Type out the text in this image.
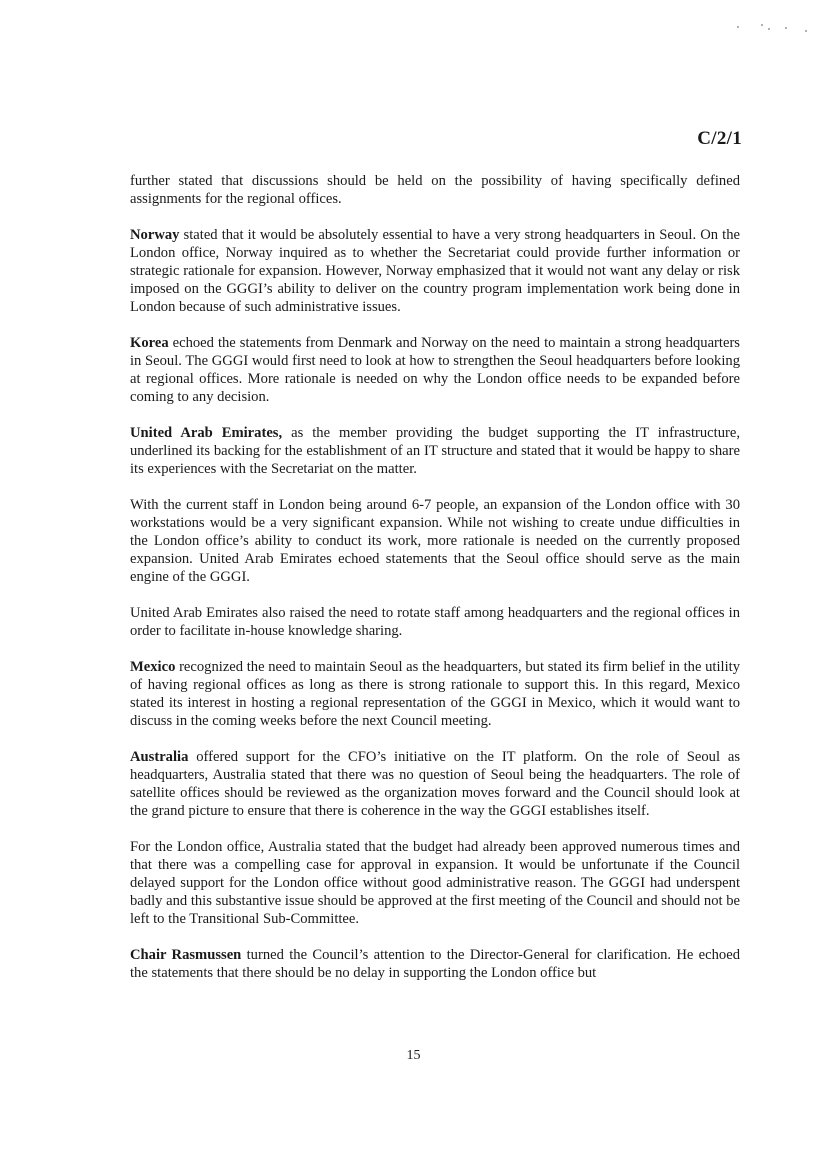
C/2/1

further stated that discussions should be held on the possibility of having specifically defined assignments for the regional offices.

Norway stated that it would be absolutely essential to have a very strong headquarters in Seoul. On the London office, Norway inquired as to whether the Secretariat could provide further information or strategic rationale for expansion. However, Norway emphasized that it would not want any delay or risk imposed on the GGGI’s ability to deliver on the country program implementation work being done in London because of such administrative issues.

Korea echoed the statements from Denmark and Norway on the need to maintain a strong headquarters in Seoul. The GGGI would first need to look at how to strengthen the Seoul headquarters before looking at regional offices. More rationale is needed on why the London office needs to be expanded before coming to any decision.

United Arab Emirates, as the member providing the budget supporting the IT infrastructure, underlined its backing for the establishment of an IT structure and stated that it would be happy to share its experiences with the Secretariat on the matter.

With the current staff in London being around 6-7 people, an expansion of the London office with 30 workstations would be a very significant expansion. While not wishing to create undue difficulties in the London office’s ability to conduct its work, more rationale is needed on the currently proposed expansion. United Arab Emirates echoed statements that the Seoul office should serve as the main engine of the GGGI.

United Arab Emirates also raised the need to rotate staff among headquarters and the regional offices in order to facilitate in-house knowledge sharing.

Mexico recognized the need to maintain Seoul as the headquarters, but stated its firm belief in the utility of having regional offices as long as there is strong rationale to support this. In this regard, Mexico stated its interest in hosting a regional representation of the GGGI in Mexico, which it would want to discuss in the coming weeks before the next Council meeting.

Australia offered support for the CFO’s initiative on the IT platform. On the role of Seoul as headquarters, Australia stated that there was no question of Seoul being the headquarters. The role of satellite offices should be reviewed as the organization moves forward and the Council should look at the grand picture to ensure that there is coherence in the way the GGGI establishes itself.

For the London office, Australia stated that the budget had already been approved numerous times and that there was a compelling case for approval in expansion. It would be unfortunate if the Council delayed support for the London office without good administrative reason. The GGGI had underspent badly and this substantive issue should be approved at the first meeting of the Council and should not be left to the Transitional Sub-Committee.

Chair Rasmussen turned the Council’s attention to the Director-General for clarification. He echoed the statements that there should be no delay in supporting the London office but

15
